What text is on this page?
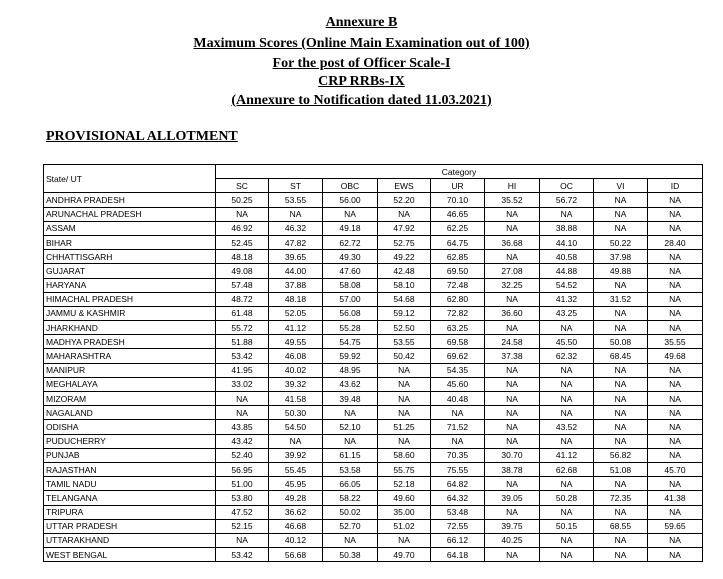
Annexure B
Maximum Scores (Online Main Examination out of 100)
For the post of Officer Scale-I
CRP RRBs-IX
(Annexure to Notification dated 11.03.2021)
PROVISIONAL ALLOTMENT
State/ UT	Category								
	SC	ST	OBC	EWS	UR	HI	OC	VI	ID
ANDHRA PRADESH	50.25	53.55	56.00	52.20	70.10	35.52	56.72	NA	NA
ARUNACHAL PRADESH	NA	NA	NA	NA	46.65	NA	NA	NA	NA
ASSAM	46.92	46.32	49.18	47.92	62.25	NA	38.88	NA	NA
BIHAR	52.45	47.82	62.72	52.75	64.75	36.68	44.10	50.22	28.40
CHHATTISGARH	48.18	39.65	49.30	49.22	62.85	NA	40.58	37.98	NA
GUJARAT	49.08	44.00	47.60	42.48	69.50	27.08	44.88	49.88	NA
HARYANA	57.48	37.88	58.08	58.10	72.48	32.25	54.52	NA	NA
HIMACHAL PRADESH	48.72	48.18	57.00	54.68	62.80	NA	41.32	31.52	NA
JAMMU & KASHMIR	61.48	52.05	56.08	59.12	72.82	36.60	43.25	NA	NA
JHARKHAND	55.72	41.12	55.28	52.50	63.25	NA	NA	NA	NA
MADHYA PRADESH	51.88	49.55	54.75	53.55	69.58	24.58	45.50	50.08	35.55
MAHARASHTRA	53.42	46.08	59.92	50.42	69.62	37.38	62.32	68.45	49.68
MANIPUR	41.95	40.02	48.95	NA	54.35	NA	NA	NA	NA
MEGHALAYA	33.02	39.32	43.62	NA	45.60	NA	NA	NA	NA
MIZORAM	NA	41.58	39.48	NA	40.48	NA	NA	NA	NA
NAGALAND	NA	50.30	NA	NA	NA	NA	NA	NA	NA
ODISHA	43.85	54.50	52.10	51.25	71.52	NA	43.52	NA	NA
PUDUCHERRY	43.42	NA	NA	NA	NA	NA	NA	NA	NA
PUNJAB	52.40	39.92	61.15	58.60	70.35	30.70	41.12	56.82	NA
RAJASTHAN	56.95	55.45	53.58	55.75	75.55	38.78	62.68	51.08	45.70
TAMIL NADU	51.00	45.95	66.05	52.18	64.82	NA	NA	NA	NA
TELANGANA	53.80	49.28	58.22	49.60	64.32	39.05	50.28	72.35	41.38
TRIPURA	47.52	36.62	50.02	35.00	53.48	NA	NA	NA	NA
UTTAR PRADESH	52.15	46.68	52.70	51.02	72.55	39.75	50.15	68.55	59.65
UTTARAKHAND	NA	40.12	NA	NA	66.12	40.25	NA	NA	NA
WEST BENGAL	53.42	56.68	50.38	49.70	64.18	NA	NA	NA	NA
